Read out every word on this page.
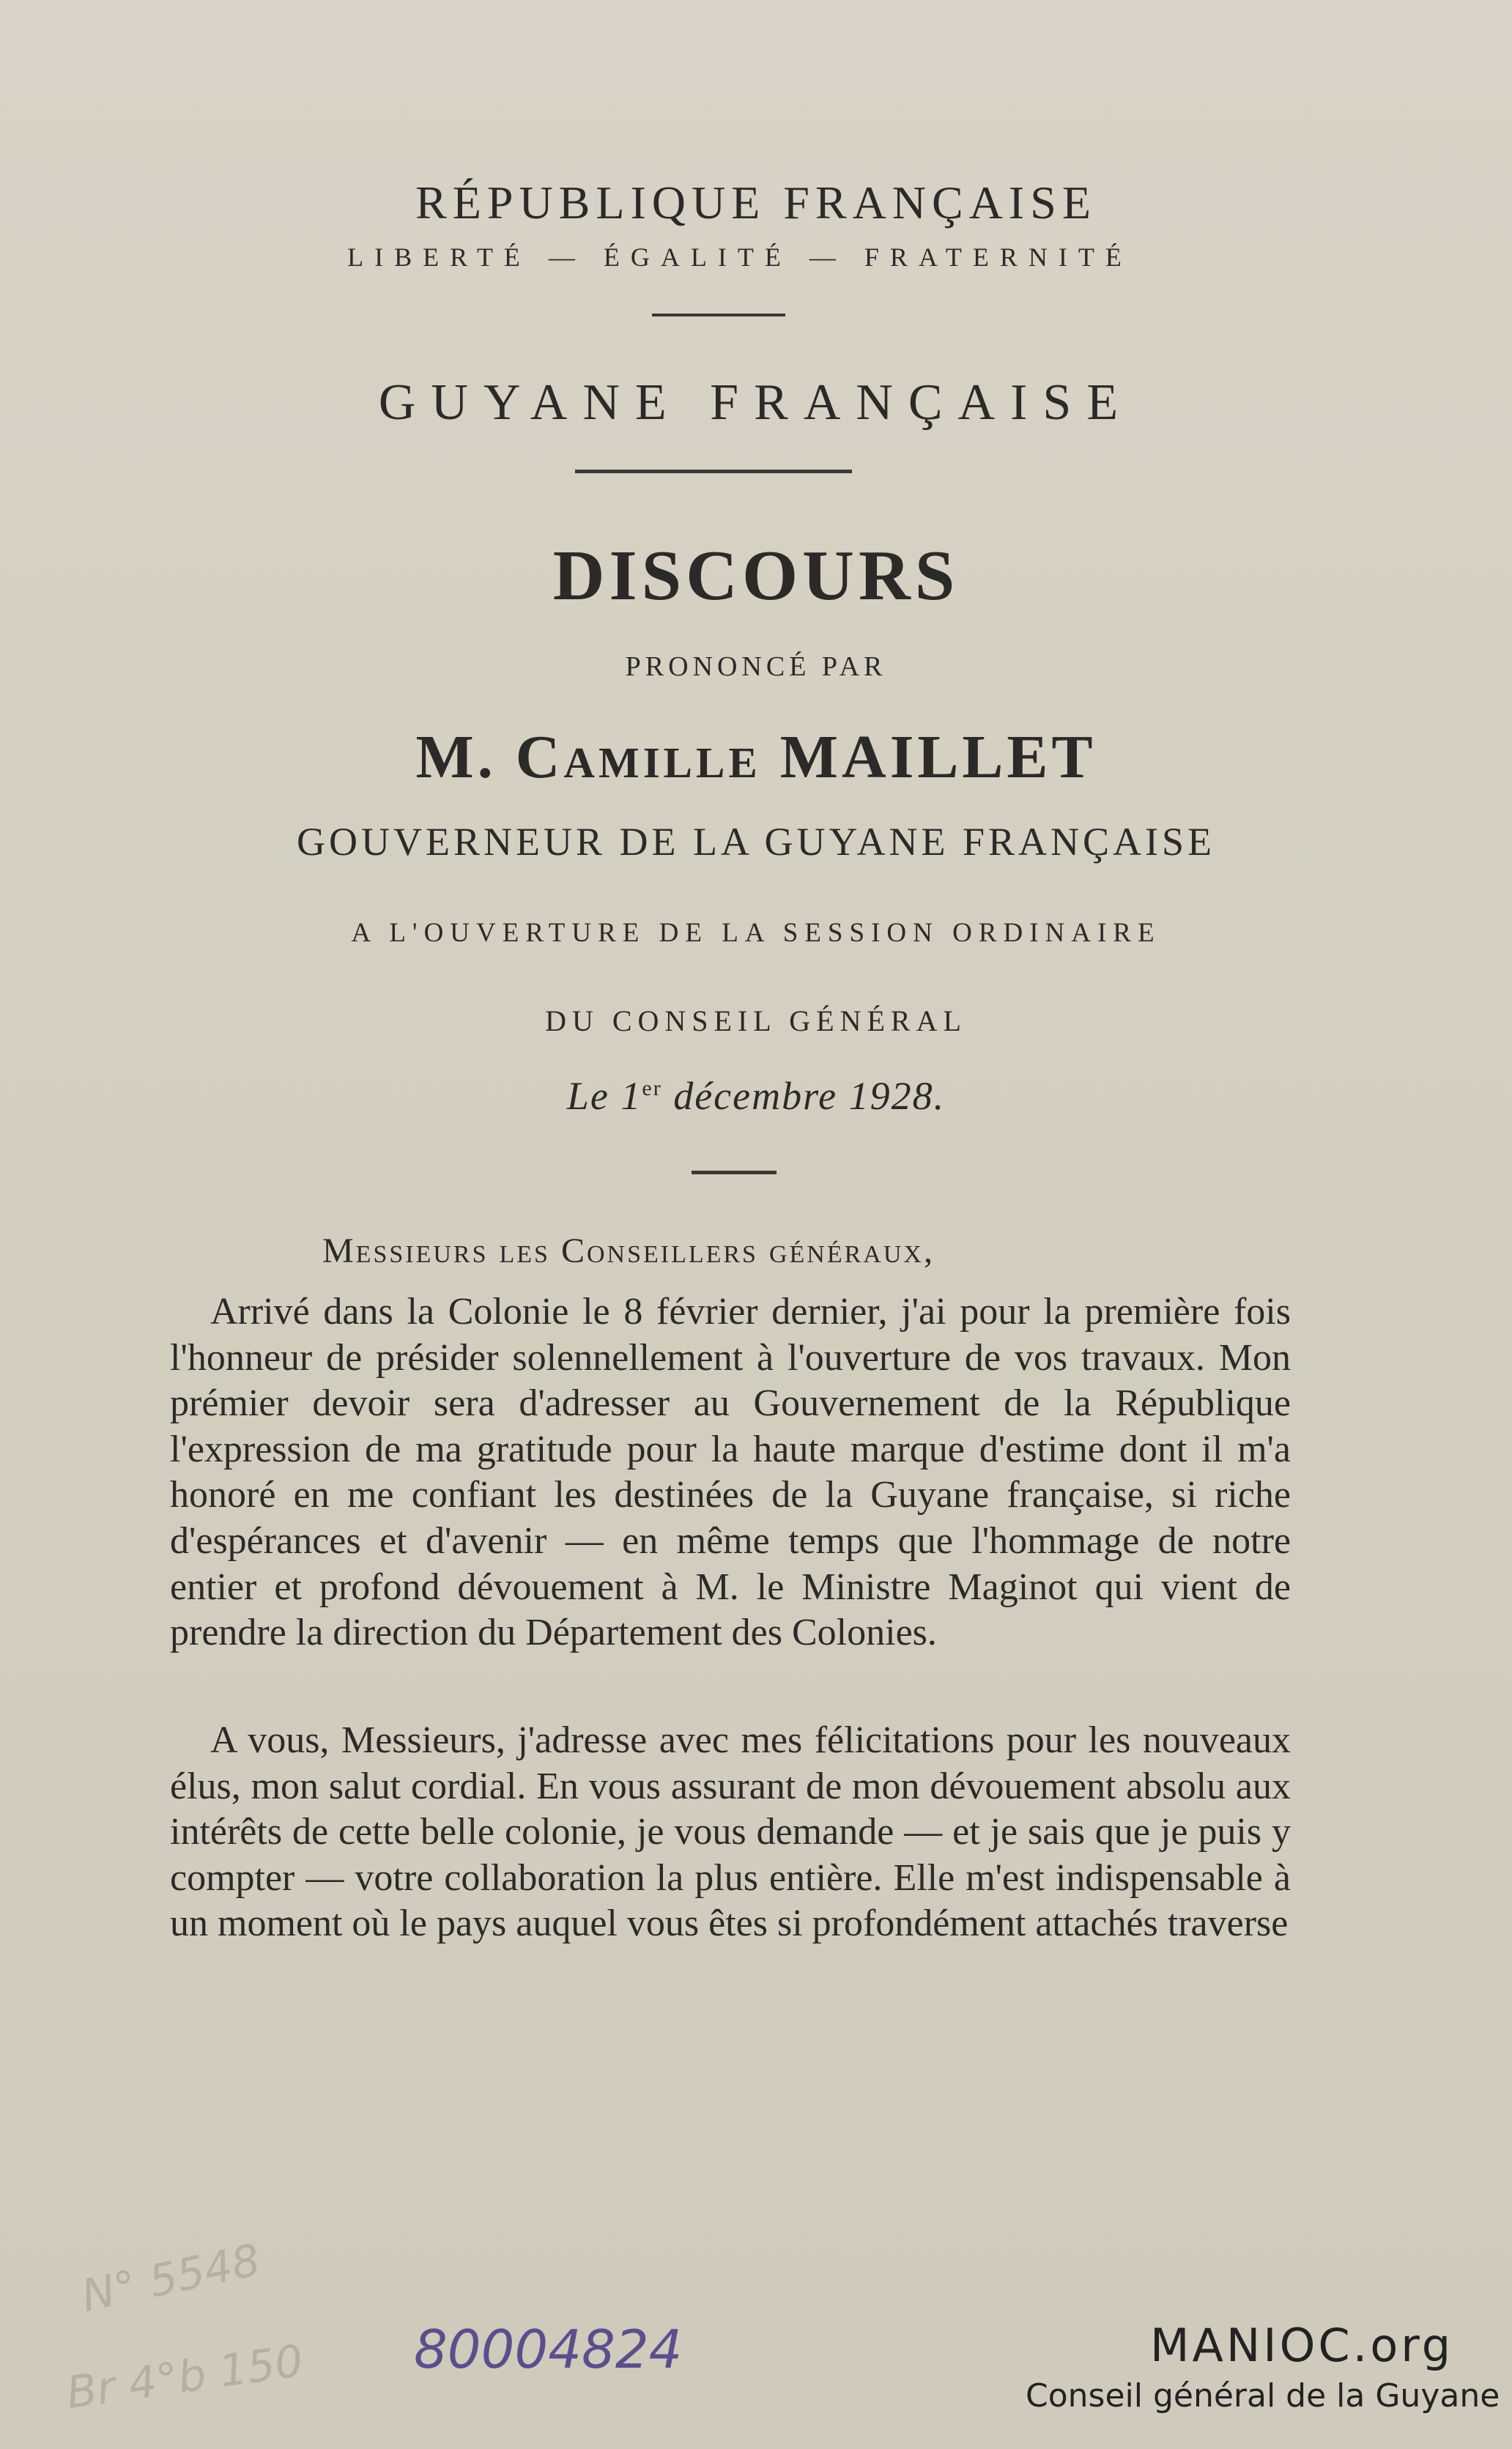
RÉPUBLIQUE FRANÇAISE
LIBERTÉ — ÉGALITÉ — FRATERNITÉ
GUYANE FRANÇAISE
DISCOURS
PRONONCÉ PAR
M. Camille MAILLET
GOUVERNEUR DE LA GUYANE FRANÇAISE
A L'OUVERTURE DE LA SESSION ORDINAIRE
DU CONSEIL GÉNÉRAL
Le 1er décembre 1928.
Messieurs les Conseillers généraux,

Arrivé dans la Colonie le 8 février dernier, j'ai pour la première fois l'honneur de présider solennellement à l'ouverture de vos travaux. Mon prémier devoir sera d'adresser au Gouvernement de la République l'expression de ma gratitude pour la haute marque d'estime dont il m'a honoré en me confiant les destinées de la Guyane française, si riche d'espérances et d'avenir — en même temps que l'hommage de notre entier et profond dévouement à M. le Ministre Maginot qui vient de prendre la direction du Département des Colonies.

A vous, Messieurs, j'adresse avec mes félicitations pour les nouveaux élus, mon salut cordial. En vous assurant de mon dévouement absolu aux intérêts de cette belle colonie, je vous demande — et je sais que je puis y compter — votre collaboration la plus entière. Elle m'est indispensable à un moment où le pays auquel vous êtes si profondément attachés traverse

N° 5548
Br 4°b 150 80004824	MANIOC.org
Conseil général de la Guyane
